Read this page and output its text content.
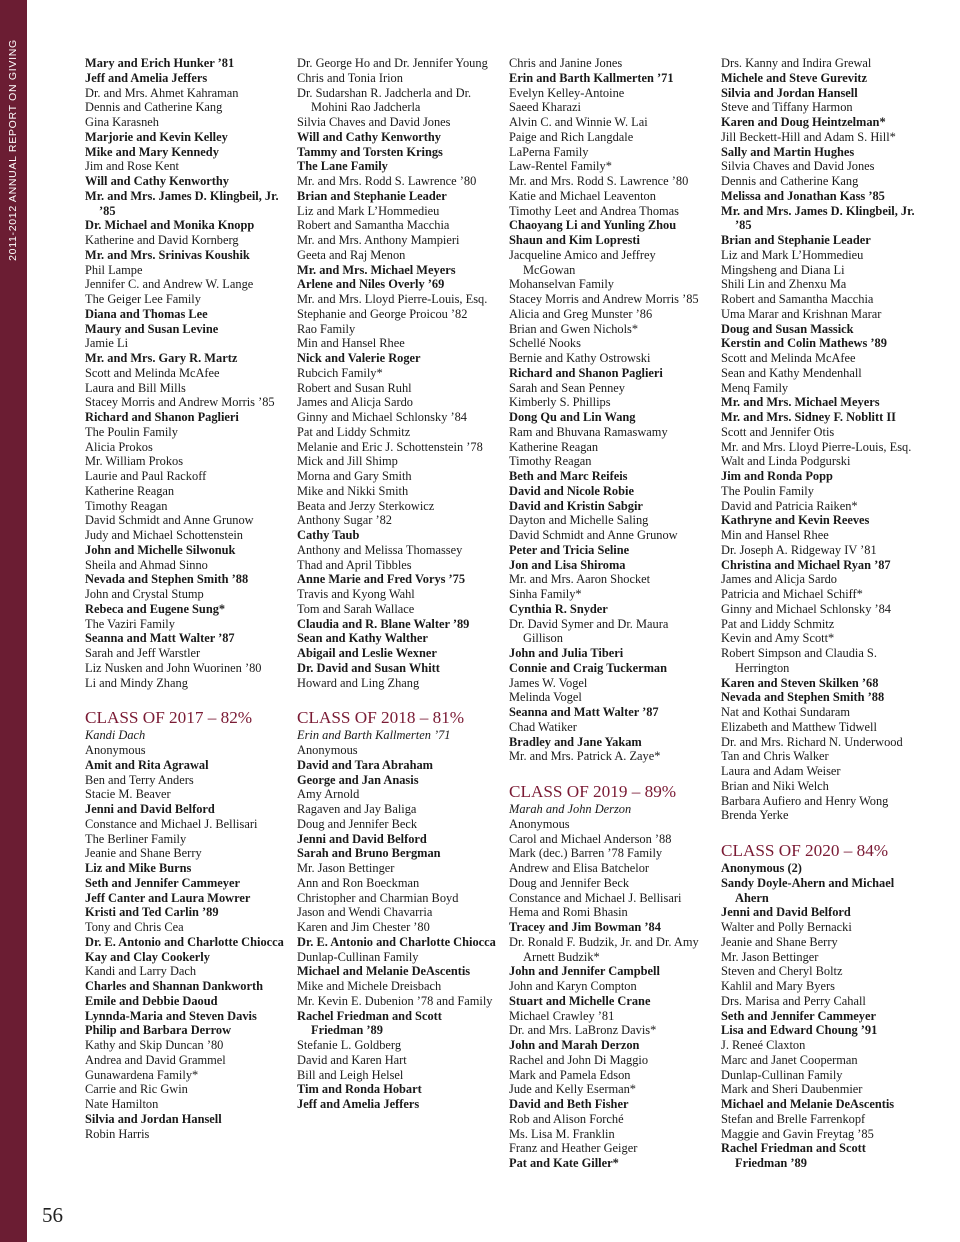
2011-2012 ANNUAL REPORT ON GIVING	Mary and Erich Hunker ’81
Jeff and Amelia Jeffers
Dr. and Mrs. Ahmet Kahraman
Dennis and Catherine Kang
Gina Karasneh
Marjorie and Kevin Kelley
Mike and Mary Kennedy
Jim and Rose Kent
Will and Cathy Kenworthy
Mr. and Mrs. James D. Klingbeil, Jr. ’85
Dr. Michael and Monika Knopp
Katherine and David Kornberg
Mr. and Mrs. Srinivas Koushik
Phil Lampe
Jennifer C. and Andrew W. Lange
The Geiger Lee Family
Diana and Thomas Lee
Maury and Susan Levine
Jamie Li
Mr. and Mrs. Gary R. Martz
Scott and Melinda McAfee
Laura and Bill Mills
Stacey Morris and Andrew Morris ’85
Richard and Shanon Paglieri
The Poulin Family
Alicia Prokos
Mr. William Prokos
Laurie and Paul Rackoff
Katherine Reagan
Timothy Reagan
David Schmidt and Anne Grunow
Judy and Michael Schottenstein
John and Michelle Silwonuk
Sheila and Ahmad Sinno
Nevada and Stephen Smith ’88
John and Crystal Stump
Rebeca and Eugene Sung*
The Vaziri Family
Seanna and Matt Walter ’87
Sarah and Jeff Warstler
Liz Nusken and John Wuorinen ’80
Li and Mindy Zhang
CLASS OF 2017 – 82%
Kandi Dach
Anonymous
Amit and Rita Agrawal
Ben and Terry Anders
Stacie M. Beaver
Jenni and David Belford
Constance and Michael J. Bellisari
The Berliner Family
Jeanie and Shane Berry
Liz and Mike Burns
Seth and Jennifer Cammeyer
Jeff Canter and Laura Mowrer
Kristi and Ted Carlin ’89
Tony and Chris Cea
Dr. E. Antonio and Charlotte Chiocca
Kay and Clay Cookerly
Kandi and Larry Dach
Charles and Shannan Dankworth
Emile and Debbie Daoud
Lynnda-Maria and Steven Davis
Philip and Barbara Derrow
Kathy and Skip Duncan ’80
Andrea and David Grammel
Gunawardena Family*
Carrie and Ric Gwin
Nate Hamilton
Silvia and Jordan Hansell
Robin Harris
Dr. George Ho and Dr. Jennifer Young
Chris and Tonia Irion
Dr. Sudarshan R. Jadcherla and Dr. Mohini Rao Jadcherla
Silvia Chaves and David Jones
Will and Cathy Kenworthy
Tammy and Torsten Krings
The Lane Family
Mr. and Mrs. Rodd S. Lawrence ’80
Brian and Stephanie Leader
Liz and Mark L’Hommedieu
Robert and Samantha Macchia
Mr. and Mrs. Anthony Mampieri
Geeta and Raj Menon
Mr. and Mrs. Michael Meyers
Arlene and Niles Overly ’69
Mr. and Mrs. Lloyd Pierre-Louis, Esq.
Stephanie and George Proicou ’82
Rao Family
Min and Hansel Rhee
Nick and Valerie Roger
Rubcich Family*
Robert and Susan Ruhl
James and Alicja Sardo
Ginny and Michael Schlonsky ’84
Pat and Liddy Schmitz
Melanie and Eric J. Schottenstein ’78
Mick and Jill Shimp
Morna and Gary Smith
Mike and Nikki Smith
Beata and Jerzy Sterkowicz
Anthony Sugar ’82
Cathy Taub
Anthony and Melissa Thomassey
Thad and April Tibbles
Anne Marie and Fred Vorys ’75
Travis and Kyong Wahl
Tom and Sarah Wallace
Claudia and R. Blane Walter ’89
Sean and Kathy Walther
Abigail and Leslie Wexner
Dr. David and Susan Whitt
Howard and Ling Zhang
CLASS OF 2018 – 81%
Erin and Barth Kallmerten ’71
Anonymous
David and Tara Abraham
George and Jan Anasis
Amy Arnold
Ragaven and Jay Baliga
Doug and Jennifer Beck
Jenni and David Belford
Sarah and Bruno Bergman
Mr. Jason Bettinger
Ann and Ron Boeckman
Christopher and Charmian Boyd
Jason and Wendi Chavarria
Karen and Jim Chester ’80
Dr. E. Antonio and Charlotte Chiocca
Dunlap-Cullinan Family
Michael and Melanie DeAscentis
Mike and Michele Dreisbach
Mr. Kevin E. Dubenion ’78 and Family
Rachel Friedman and Scott Friedman ’89
Stefanie L. Goldberg
David and Karen Hart
Bill and Leigh Helsel
Tim and Ronda Hobart
Jeff and Amelia Jeffers
Chris and Janine Jones
Erin and Barth Kallmerten ’71
Evelyn Kelley-Antoine
Saeed Kharazi
Alvin C. and Winnie W. Lai
Paige and Rich Langdale
LaPerna Family
Law-Rentel Family*
Mr. and Mrs. Rodd S. Lawrence ’80
Katie and Michael Leaventon
Timothy Leet and Andrea Thomas
Chaoyang Li and Yunling Zhou
Shaun and Kim Lopresti
Jacqueline Amico and Jeffrey McGowan
Mohanselvan Family
Stacey Morris and Andrew Morris ’85
Alicia and Greg Munster ’86
Brian and Gwen Nichols*
Schellé Nooks
Bernie and Kathy Ostrowski
Richard and Shanon Paglieri
Sarah and Sean Penney
Kimberly S. Phillips
Dong Qu and Lin Wang
Ram and Bhuvana Ramaswamy
Katherine Reagan
Timothy Reagan
Beth and Marc Reifeis
David and Nicole Robie
David and Kristin Sabgir
Dayton and Michelle Saling
David Schmidt and Anne Grunow
Peter and Tricia Seline
Jon and Lisa Shiroma
Mr. and Mrs. Aaron Shocket
Sinha Family*
Cynthia R. Snyder
Dr. David Symer and Dr. Maura Gillison
John and Julia Tiberi
Connie and Craig Tuckerman
James W. Vogel
Melinda Vogel
Seanna and Matt Walter ’87
Chad Watiker
Bradley and Jane Yakam
Mr. and Mrs. Patrick A. Zaye*
CLASS OF 2019 – 89%
Marah and John Derzon
Anonymous
Carol and Michael Anderson ’88
Mark (dec.) Barren ’78 Family
Andrew and Elisa Batchelor
Doug and Jennifer Beck
Constance and Michael J. Bellisari
Hema and Romi Bhasin
Tracey and Jim Bowman ’84
Dr. Ronald F. Budzik, Jr. and Dr. Amy Arnett Budzik*
John and Jennifer Campbell
John and Karyn Compton
Stuart and Michelle Crane
Michael Crawley ’81
Dr. and Mrs. LaBronz Davis*
John and Marah Derzon
Rachel and John Di Maggio
Mark and Pamela Edson
Jude and Kelly Eserman*
David and Beth Fisher
Rob and Alison Forché
Ms. Lisa M. Franklin
Franz and Heather Geiger
Pat and Kate Giller*
Drs. Kanny and Indira Grewal
Michele and Steve Gurevitz
Silvia and Jordan Hansell
Steve and Tiffany Harmon
Karen and Doug Heintzelman*
Jill Beckett-Hill and Adam S. Hill*
Sally and Martin Hughes
Silvia Chaves and David Jones
Dennis and Catherine Kang
Melissa and Jonathan Kass ’85
Mr. and Mrs. James D. Klingbeil, Jr. ’85
Brian and Stephanie Leader
Liz and Mark L’Hommedieu
Mingsheng and Diana Li
Shili Lin and Zhenxu Ma
Robert and Samantha Macchia
Uma Marar and Krishnan Marar
Doug and Susan Massick
Kerstin and Colin Mathews ’89
Scott and Melinda McAfee
Sean and Kathy Mendenhall
Menq Family
Mr. and Mrs. Michael Meyers
Mr. and Mrs. Sidney F. Noblitt II
Scott and Jennifer Otis
Mr. and Mrs. Lloyd Pierre-Louis, Esq.
Walt and Linda Podgurski
Jim and Ronda Popp
The Poulin Family
David and Patricia Raiken*
Kathryne and Kevin Reeves
Min and Hansel Rhee
Dr. Joseph A. Ridgeway IV ’81
Christina and Michael Ryan ’87
James and Alicja Sardo
Patricia and Michael Schiff*
Ginny and Michael Schlonsky ’84
Pat and Liddy Schmitz
Kevin and Amy Scott*
Robert Simpson and Claudia S. Herrington
Karen and Steven Skilken ’68
Nevada and Stephen Smith ’88
Nat and Kothai Sundaram
Elizabeth and Matthew Tidwell
Dr. and Mrs. Richard N. Underwood
Tan and Chris Walker
Laura and Adam Weiser
Brian and Niki Welch
Barbara Aufiero and Henry Wong
Brenda Yerke
CLASS OF 2020 – 84%
Anonymous (2)
Sandy Doyle-Ahern and Michael Ahern
Jenni and David Belford
Walter and Polly Bernacki
Jeanie and Shane Berry
Mr. Jason Bettinger
Steven and Cheryl Boltz
Kahlil and Mary Byers
Drs. Marisa and Perry Cahall
Seth and Jennifer Cammeyer
Lisa and Edward Choung ’91
J. Reneé Claxton
Marc and Janet Cooperman
Dunlap-Cullinan Family
Mark and Sheri Daubenmier
Michael and Melanie DeAscentis
Stefan and Brelle Farrenkopf
Maggie and Gavin Freytag ’85
Rachel Friedman and Scott Friedman ’89
56
